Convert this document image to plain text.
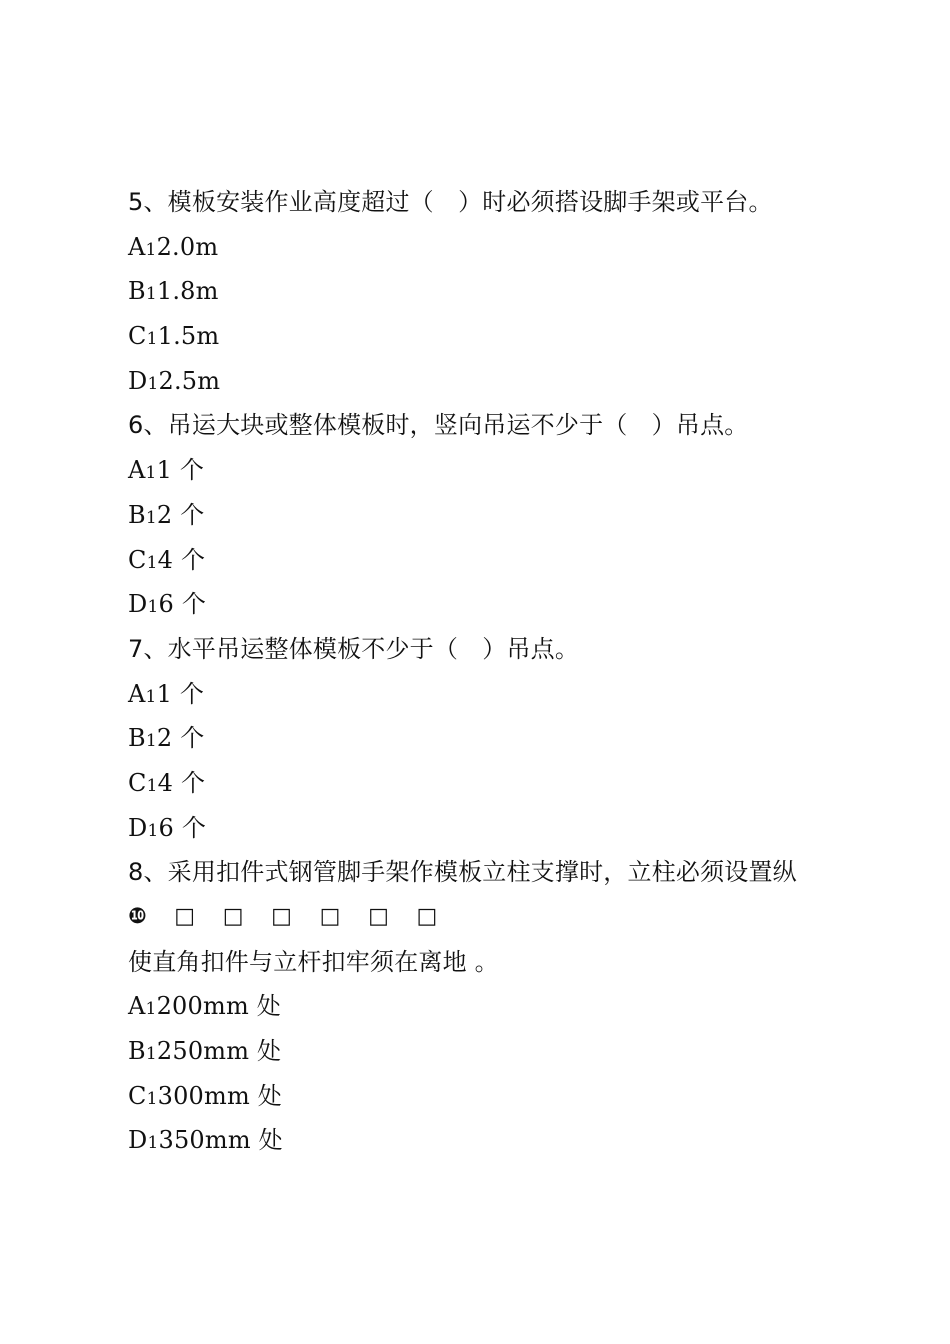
5、模板安装作业高度超过（　）时必须搭设脚手架或平台。
A12.0m
B11.8m
C11.5m
D12.5m
6、吊运大块或整体模板时，竖向吊运不少于（　）吊点。
A11 个
B12 个
C14 个
D16 个
7、水平吊运整体模板不少于（　）吊点。
A11 个
B12 个
C14 个
D16 个
8、采用扣件式钢管脚手架作模板立柱支撑时，立柱必须设置纵
❿ □ □ □ □ □ □
使直角扣件与立杆扣牢须在离地 。
A1200mm 处
B1250mm 处
C1300mm 处
D1350mm 处
